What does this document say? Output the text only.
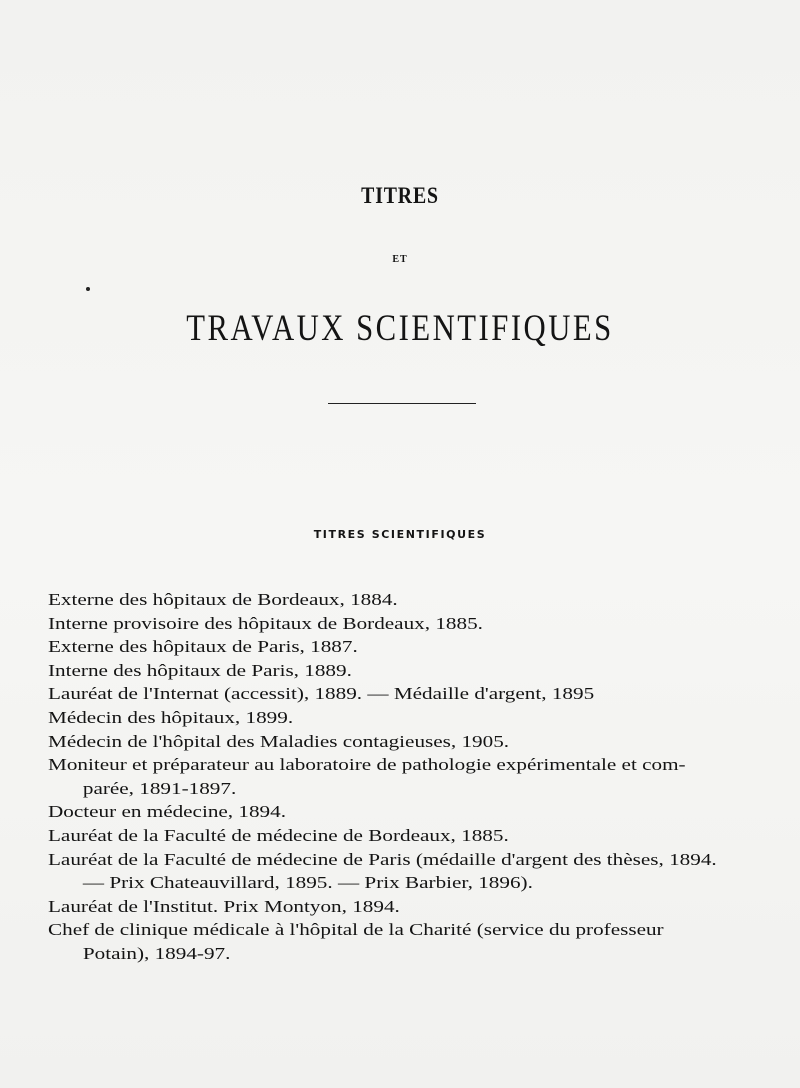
TITRES
ET
TRAVAUX SCIENTIFIQUES
TITRES SCIENTIFIQUES
Externe des hôpitaux de Bordeaux, 1884.
Interne provisoire des hôpitaux de Bordeaux, 1885.
Externe des hôpitaux de Paris, 1887.
Interne des hôpitaux de Paris, 1889.
Lauréat de l'Internat (accessit), 1889. — Médaille d'argent, 1895
Médecin des hôpitaux, 1899.
Médecin de l'hôpital des Maladies contagieuses, 1905.
Moniteur et préparateur au laboratoire de pathologie expérimentale et com-
parée, 1891-1897.
Docteur en médecine, 1894.
Lauréat de la Faculté de médecine de Bordeaux, 1885.
Lauréat de la Faculté de médecine de Paris (médaille d'argent des thèses, 1894.
— Prix Chateauvillard, 1895. — Prix Barbier, 1896).
Lauréat de l'Institut. Prix Montyon, 1894.
Chef de clinique médicale à l'hôpital de la Charité (service du professeur
Potain), 1894-97.
